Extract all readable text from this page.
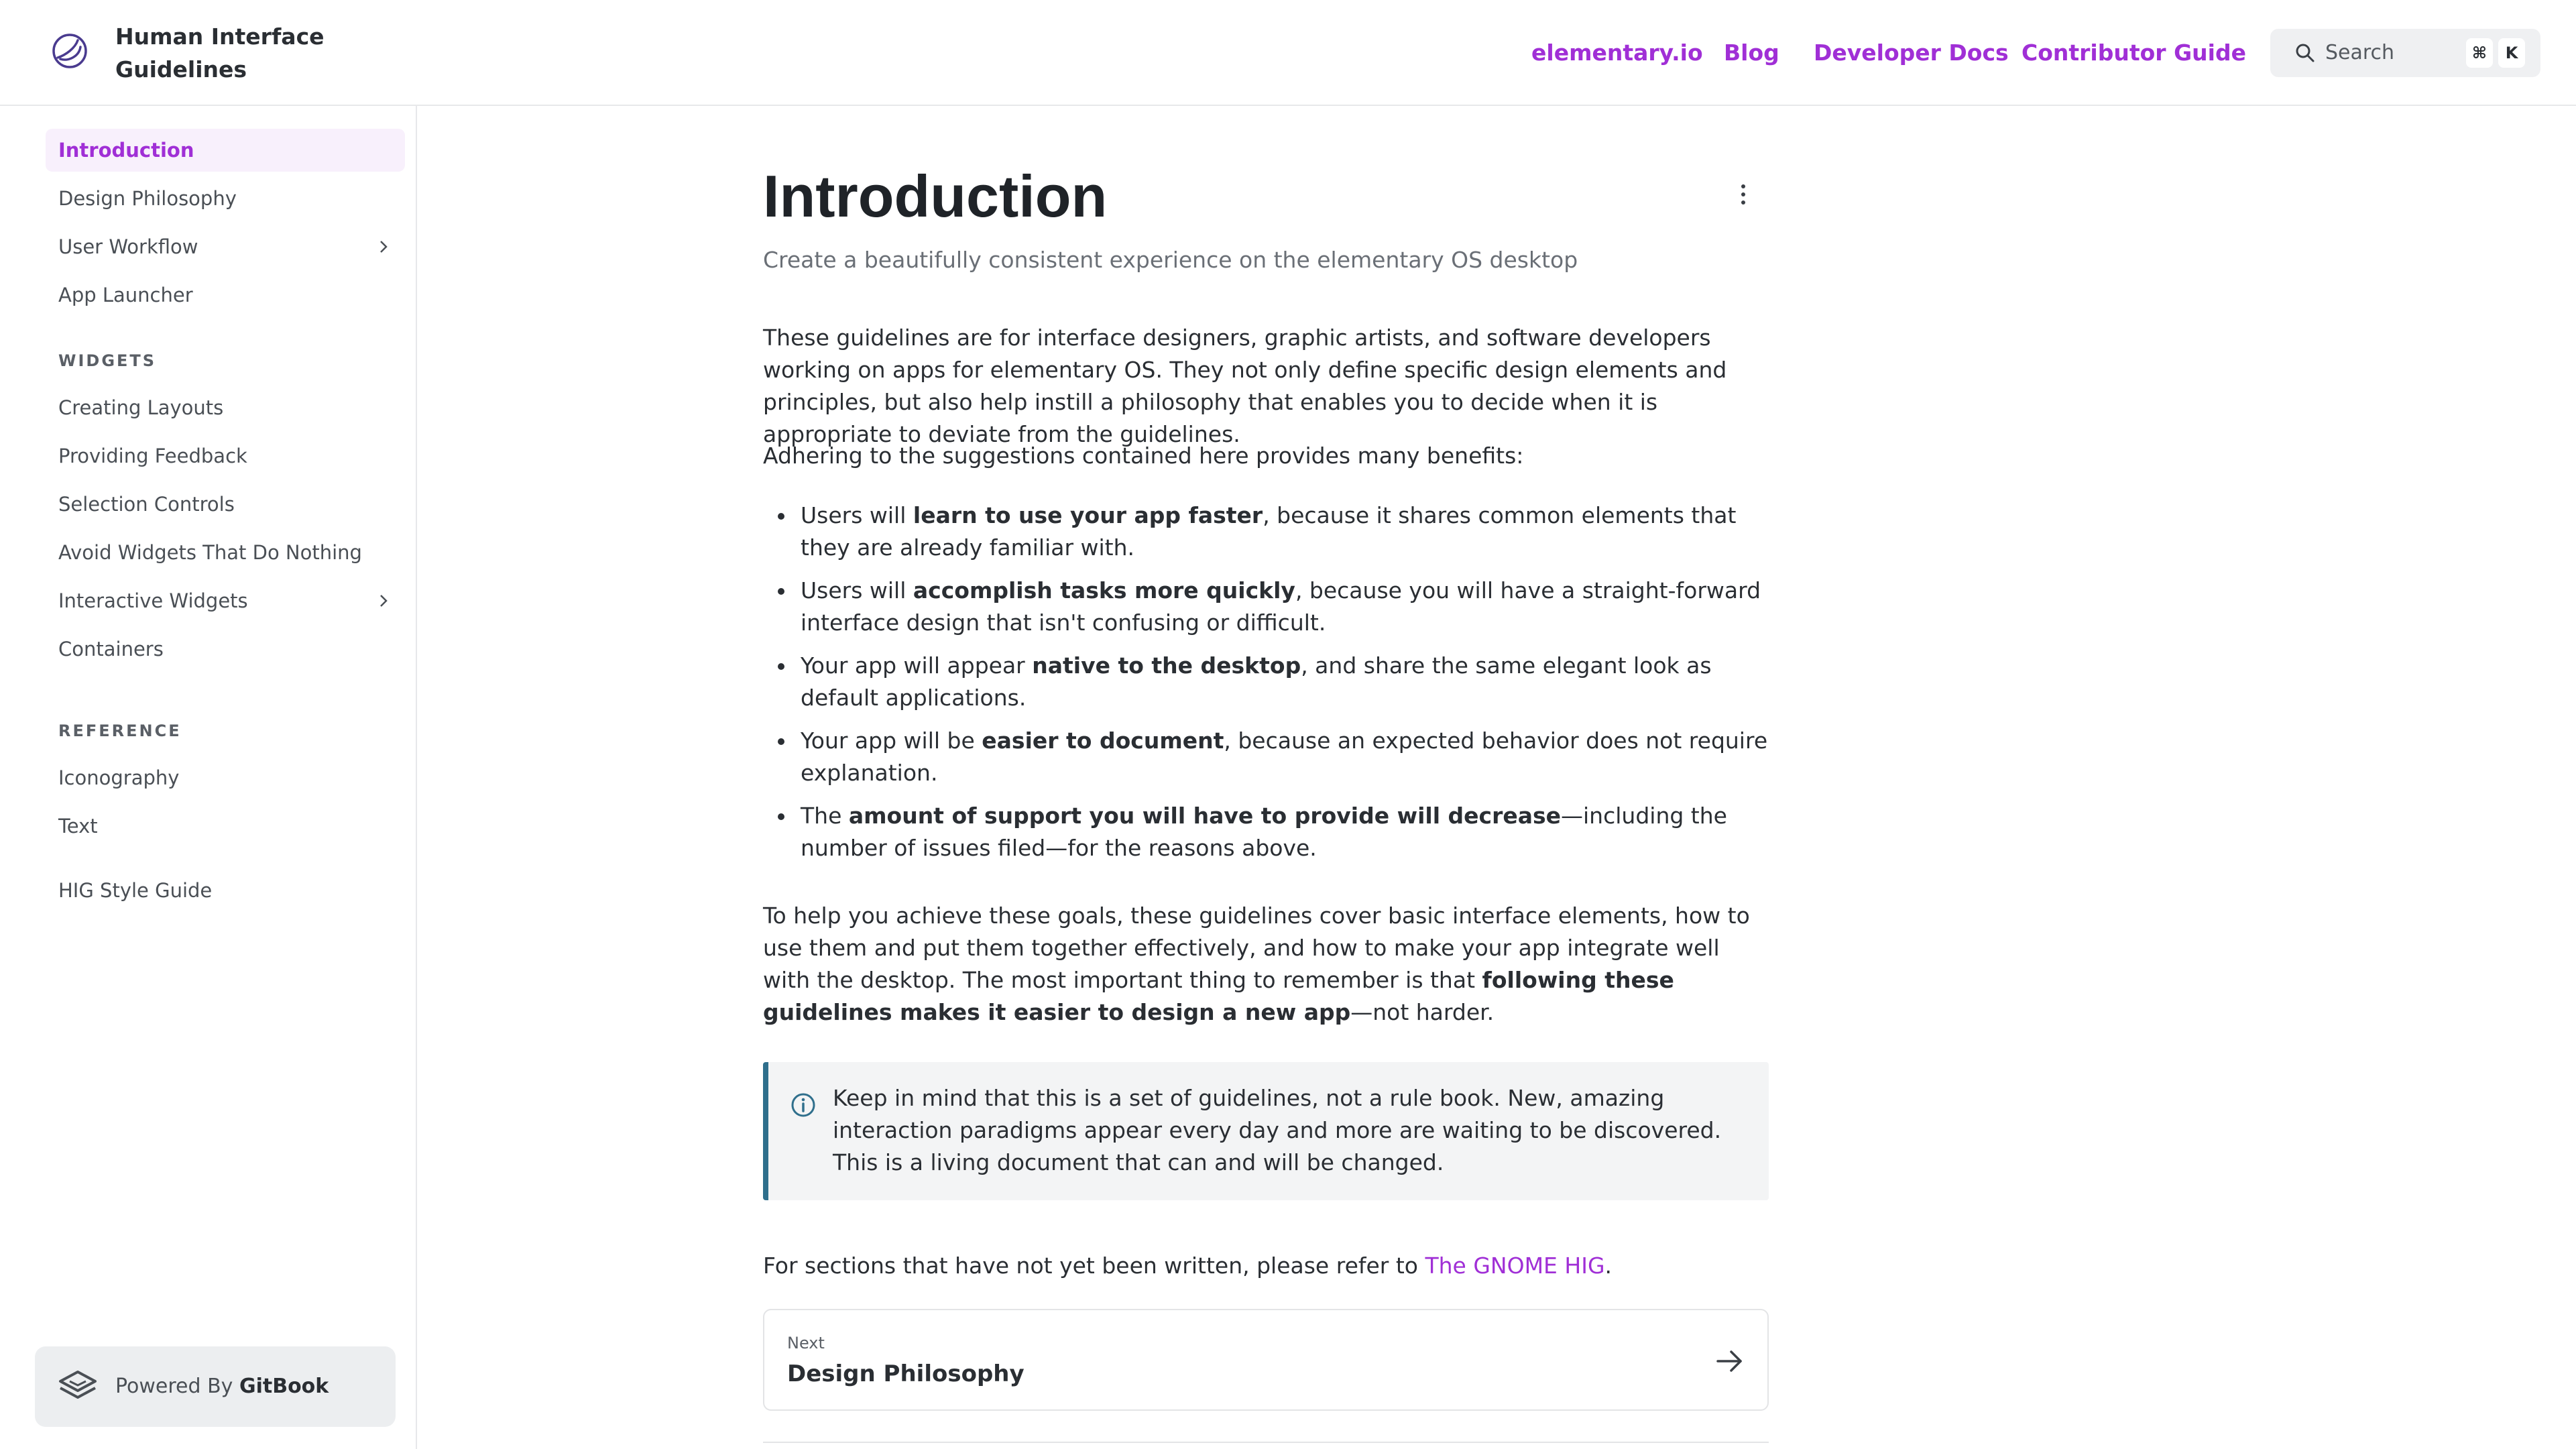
Human Interface Guidelines
elementary.io Blog Developer Docs Contributor Guide	Search	⌘	K
Introduction
Design Philosophy
User Workflow
App Launcher
WIDGETS
Creating Layouts
Providing Feedback
Selection Controls
Avoid Widgets That Do Nothing
Interactive Widgets
Containers
REFERENCE
Iconography
Text
HIG Style Guide
Powered By GitBook
Introduction
Create a beautifully consistent experience on the elementary OS desktop
These guidelines are for interface designers, graphic artists, and software developers working on apps for elementary OS. They not only define specific design elements and principles, but also help instill a philosophy that enables you to decide when it is appropriate to deviate from the guidelines.
Adhering to the suggestions contained here provides many benefits:
Users will learn to use your app faster, because it shares common elements that they are already familiar with.
Users will accomplish tasks more quickly, because you will have a straight-forward interface design that isn't confusing or difficult.
Your app will appear native to the desktop, and share the same elegant look as default applications.
Your app will be easier to document, because an expected behavior does not require explanation.
The amount of support you will have to provide will decrease—including the number of issues filed—for the reasons above.
To help you achieve these goals, these guidelines cover basic interface elements, how to use them and put them together effectively, and how to make your app integrate well with the desktop. The most important thing to remember is that following these guidelines makes it easier to design a new app—not harder.
Keep in mind that this is a set of guidelines, not a rule book. New, amazing interaction paradigms appear every day and more are waiting to be discovered. This is a living document that can and will be changed.
For sections that have not yet been written, please refer to The GNOME HIG.
Next
Design Philosophy
